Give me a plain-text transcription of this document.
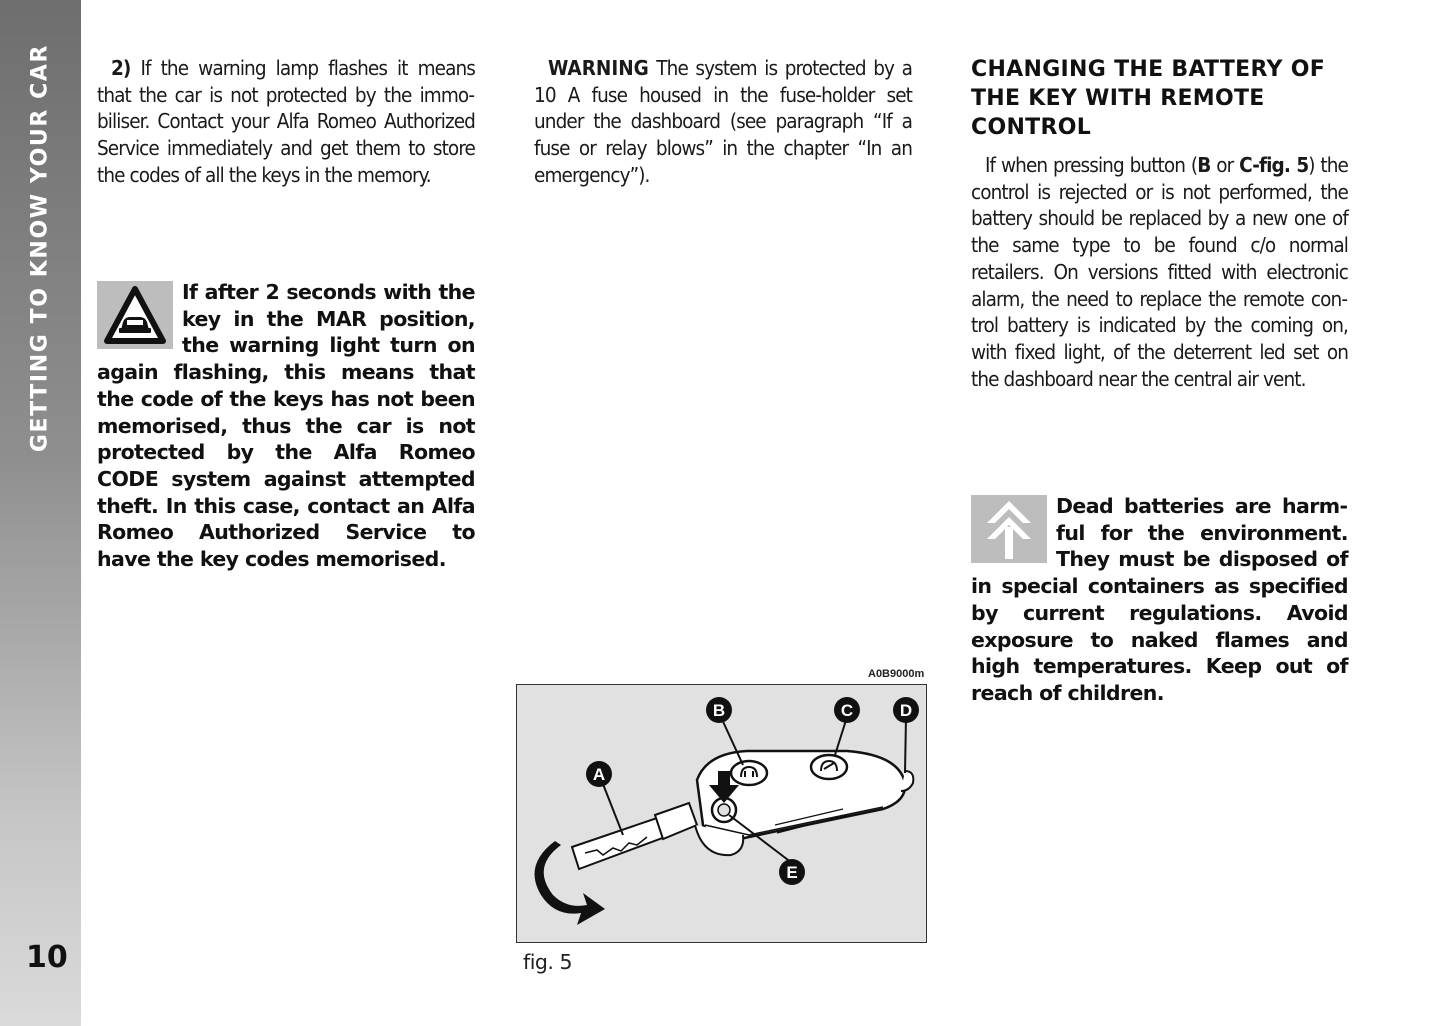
GETTING TO KNOW YOUR CAR
10

2) If the warning lamp flashes it means that the car is not protected by the immobiliser. Contact your Alfa Romeo Authorized Service immediately and get them to store the codes of all the keys in the memory.

If after 2 seconds with the key in the MAR position, the warning light turn on again flashing, this means that the code of the keys has not been memorised, thus the car is not protected by the Alfa Romeo CODE system against attempted theft. In this case, contact an Alfa Romeo Authorized Service to have the key codes memorised.

WARNING The system is protected by a 10 A fuse housed in the fuse-holder set under the dashboard (see paragraph “If a fuse or relay blows” in the chapter “In an emergency”).

A0B9000m
A
B	C	D
E
fig. 5
CHANGING THE BATTERY OF THE KEY WITH REMOTE CONTROL

If when pressing button (B or C-fig. 5) the control is rejected or is not performed, the battery should be replaced by a new one of the same type to be found c/o normal retailers. On versions fitted with electronic alarm, the need to replace the remote control battery is indicated by the coming on, with fixed light, of the deterrent led set on the dashboard near the central air vent.

Dead batteries are harmful for the environment. They must be disposed of in special containers as specified by current regulations. Avoid exposure to naked flames and high temperatures. Keep out of reach of children.
